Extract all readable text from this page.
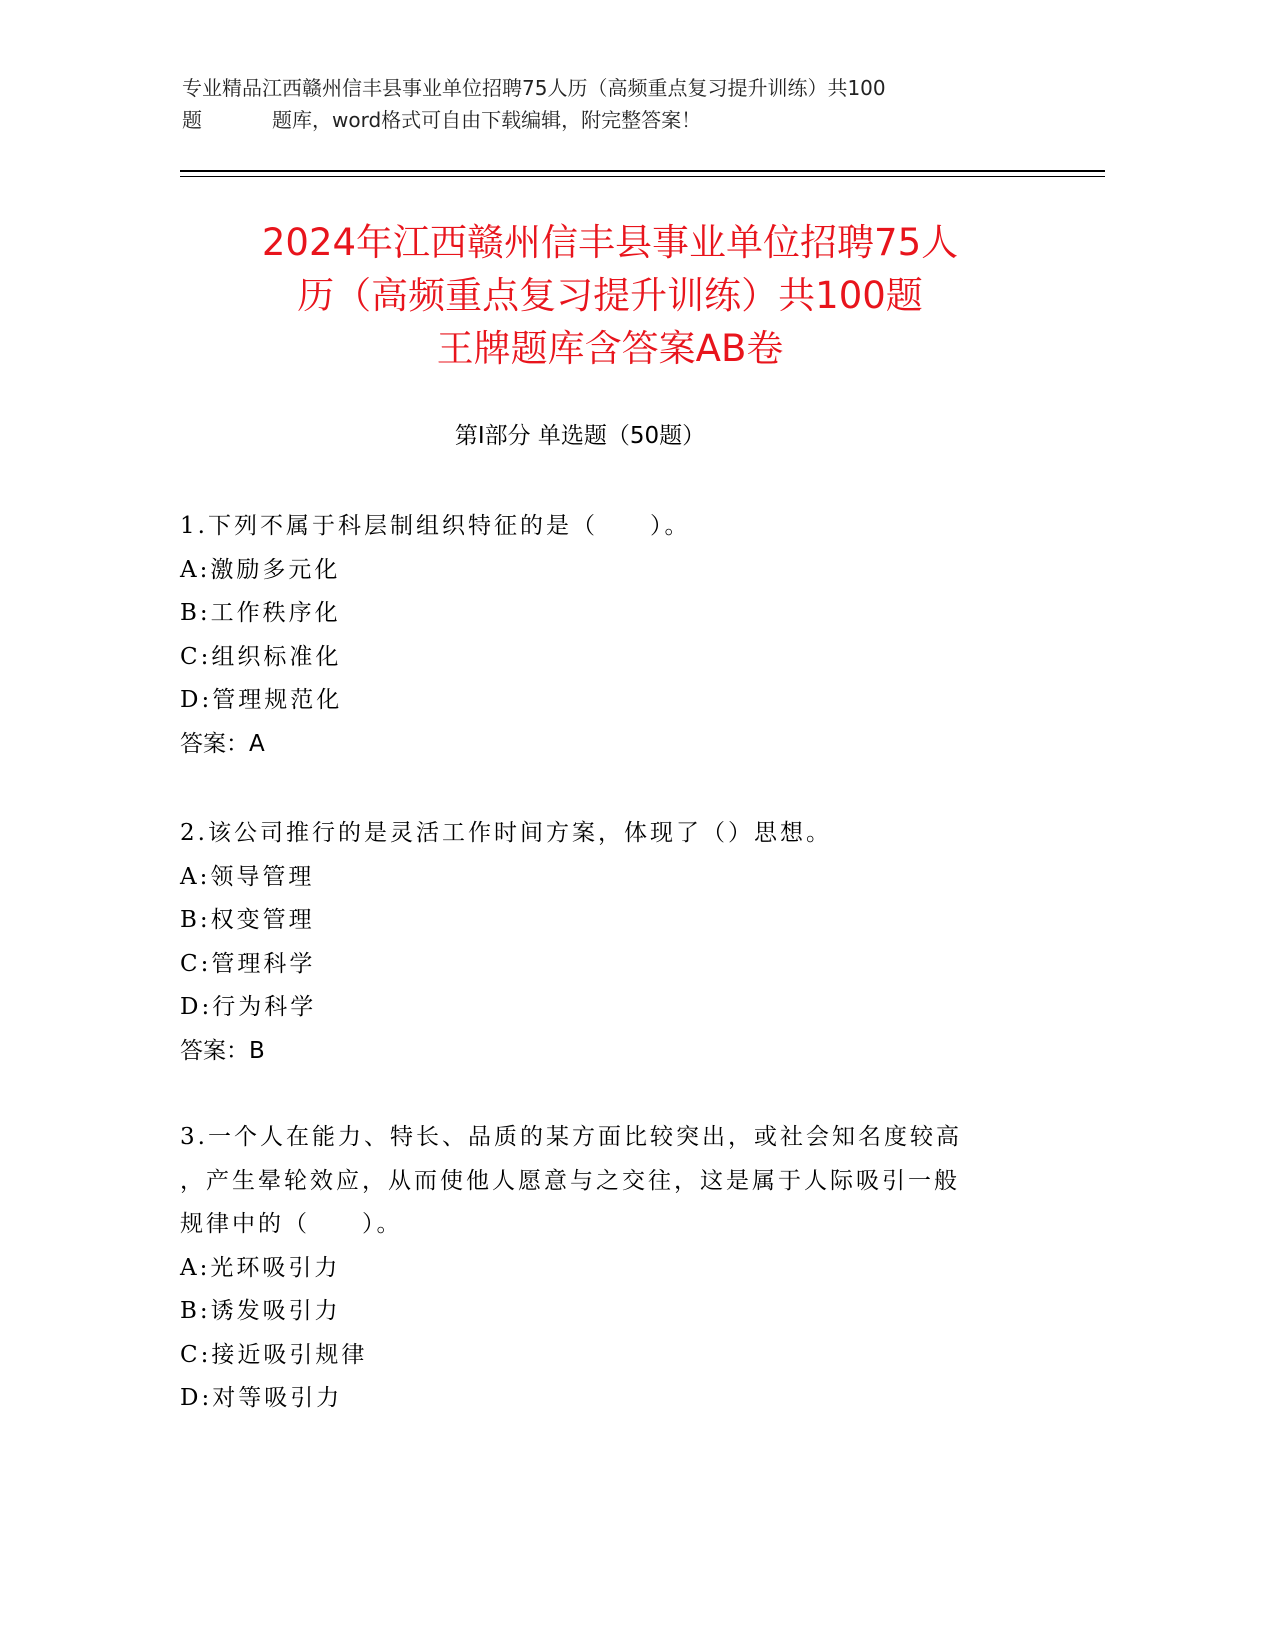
专业精品江西赣州信丰县事业单位招聘75人历（高频重点复习提升训练）共100
题	题库，word格式可自由下载编辑，附完整答案！
2024年江西赣州信丰县事业单位招聘75人
历（高频重点复习提升训练）共100题
王牌题库含答案AB卷
第Ⅰ部分 单选题（50题）

1.下列不属于科层制组织特征的是（　　）。

A:激励多元化

B:工作秩序化

C:组织标准化

D:管理规范化

答案：A

2.该公司推行的是灵活工作时间方案，体现了（）思想。

A:领导管理

B:权变管理

C:管理科学

D:行为科学

答案：B

3.一个人在能力、特长、品质的某方面比较突出，或社会知名度较高

，产生晕轮效应，从而使他人愿意与之交往，这是属于人际吸引一般

规律中的（　　）。

A:光环吸引力

B:诱发吸引力

C:接近吸引规律

D:对等吸引力
